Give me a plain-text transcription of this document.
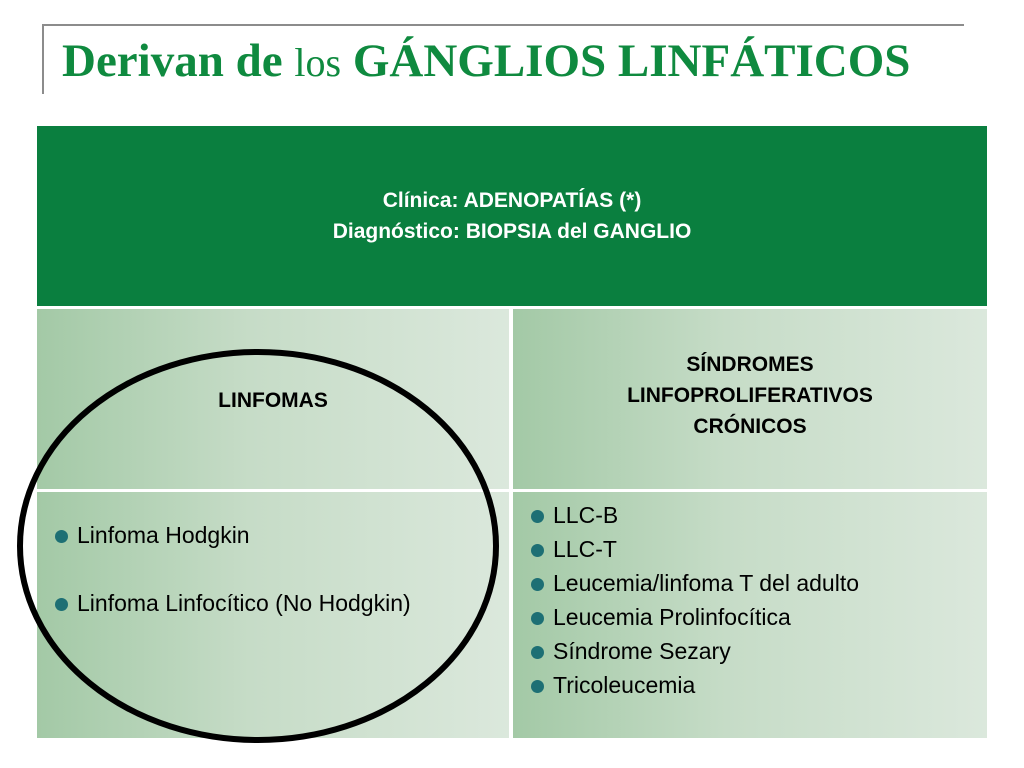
Derivan de los GÁNGLIOS LINFÁTICOS
Clínica: ADENOPATÍAS (*)
Diagnóstico: BIOPSIA del GANGLIO
LINFOMAS
SÍNDROMES
LINFOPROLIFERATIVOS
CRÓNICOS
Linfoma Hodgkin
Linfoma Linfocítico (No Hodgkin)
LLC-B
LLC-T
Leucemia/linfoma T del adulto
Leucemia Prolinfocítica
Síndrome Sezary
Tricoleucemia
